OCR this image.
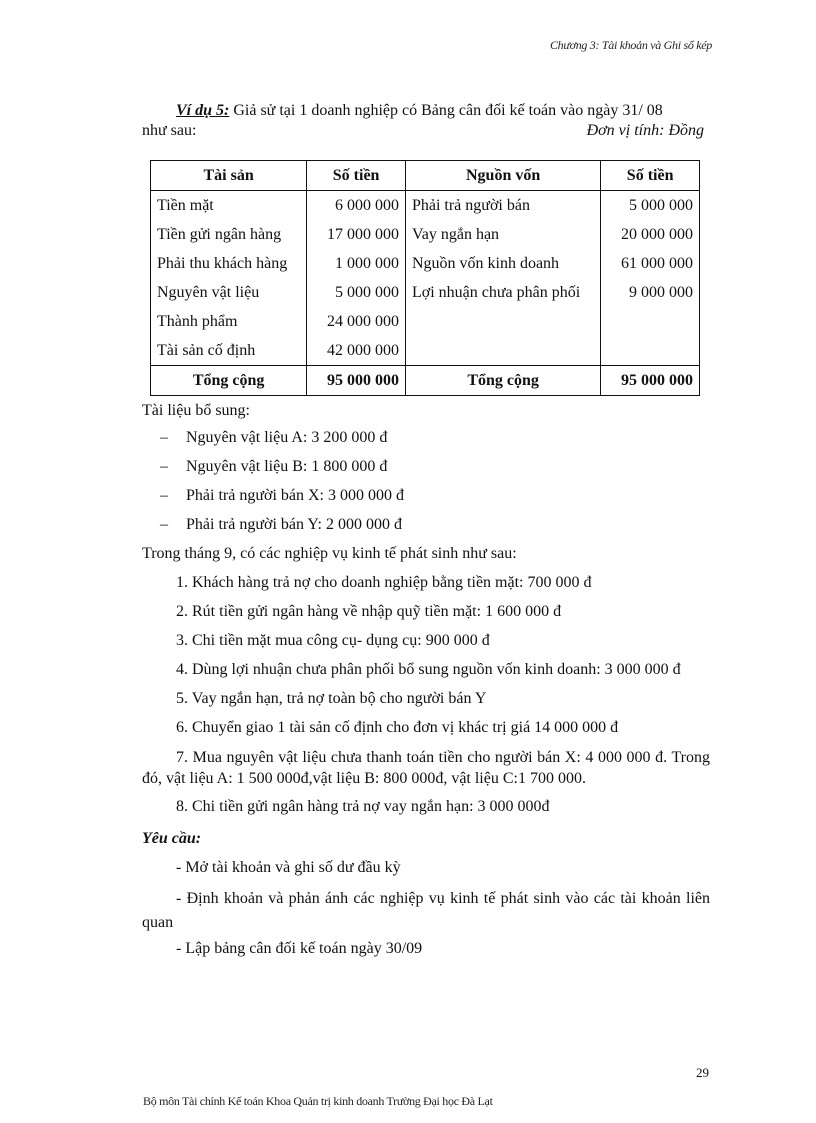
Chương 3: Tài khoản và Ghi sổ kép
Ví dụ 5: Giả sử tại 1 doanh nghiệp có Bảng cân đối kế toán vào ngày 31/ 08
như sau:	Đơn vị tính: Đồng
Tài sản	Số tiền	Nguồn vốn	Số tiền
Tiền mặt	6 000 000	Phải trả người bán	5 000 000
Tiền gửi ngân hàng	17 000 000	Vay ngắn hạn	20 000 000
Phải thu khách hàng	1 000 000	Nguồn vốn kinh doanh	61 000 000
Nguyên vật liệu	5 000 000	Lợi nhuận chưa phân phối	9 000 000
Thành phẩm	24 000 000		
Tài sản cố định	42 000 000		
Tổng cộng	95 000 000	Tổng cộng	95 000 000
Tài liệu bổ sung:
– Nguyên vật liệu A: 3 200 000 đ
– Nguyên vật liệu B: 1 800 000 đ
– Phải trả người bán X: 3 000 000 đ
– Phải trả người bán Y: 2 000 000 đ
Trong tháng 9, có các nghiệp vụ kinh tế phát sinh như sau:
1. Khách hàng trả nợ cho doanh nghiệp bằng tiền mặt: 700 000 đ
2. Rút tiền gửi ngân hàng về nhập quỹ tiền mặt: 1 600 000 đ
3. Chi tiền mặt mua công cụ- dụng cụ: 900 000 đ
4. Dùng lợi nhuận chưa phân phối bổ sung nguồn vốn kinh doanh: 3 000 000 đ
5. Vay ngắn hạn, trả nợ toàn bộ cho người bán Y
6. Chuyển giao 1 tài sản cố định cho đơn vị khác trị giá 14 000 000 đ
7. Mua nguyên vật liệu chưa thanh toán tiền cho người bán X: 4 000 000 đ. Trong đó, vật liệu A: 1 500 000đ,vật liệu B: 800 000đ, vật liệu C:1 700 000.
8. Chi tiền gửi ngân hàng trả nợ vay ngắn hạn: 3 000 000đ
Yêu cầu:
- Mở tài khoản và ghi số dư đầu kỳ
- Định khoản và phản ánh các nghiệp vụ kinh tế phát sinh vào các tài khoản liên quan
- Lập bảng cân đối kế toán ngày 30/09
29
Bộ môn Tài chính Kế toán Khoa Quản trị kinh doanh Trường Đại học Đà Lạt
